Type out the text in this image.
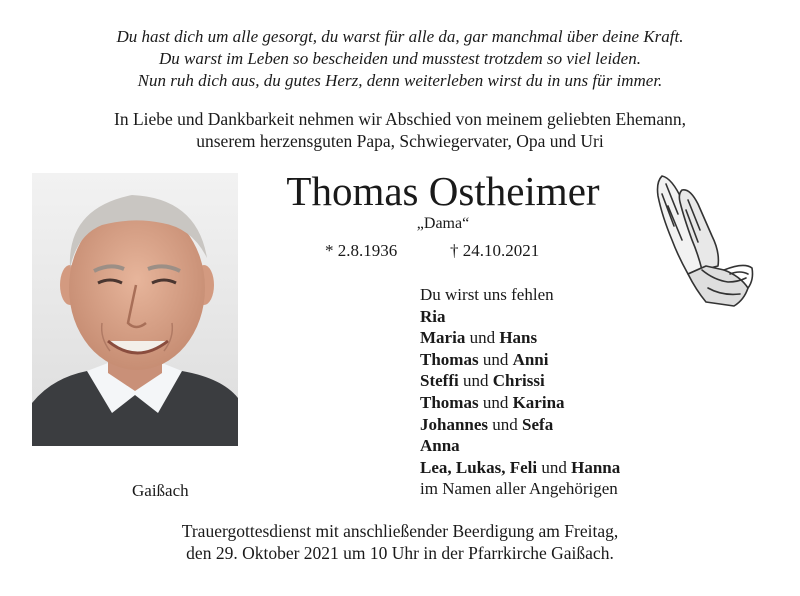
Du hast dich um alle gesorgt, du warst für alle da, gar manchmal über deine Kraft.
Du warst im Leben so bescheiden und musstest trotzdem so viel leiden.
Nun ruh dich aus, du gutes Herz, denn weiterleben wirst du in uns für immer.
In Liebe und Dankbarkeit nehmen wir Abschied von meinem geliebten Ehemann,
unserem herzensguten Papa, Schwiegervater, Opa und Uri
Thomas Ostheimer
„Dama“
* 2.8.1936	† 24.10.2021
Du wirst uns fehlen
Ria
Maria und Hans
Thomas und Anni
Steffi und Chrissi
Thomas und Karina
Johannes und Sefa
Anna
Lea, Lukas, Feli und Hanna
im Namen aller Angehörigen
Gaißach
Trauergottesdienst mit anschließender Beerdigung am Freitag,
den 29. Oktober 2021 um 10 Uhr in der Pfarrkirche Gaißach.
